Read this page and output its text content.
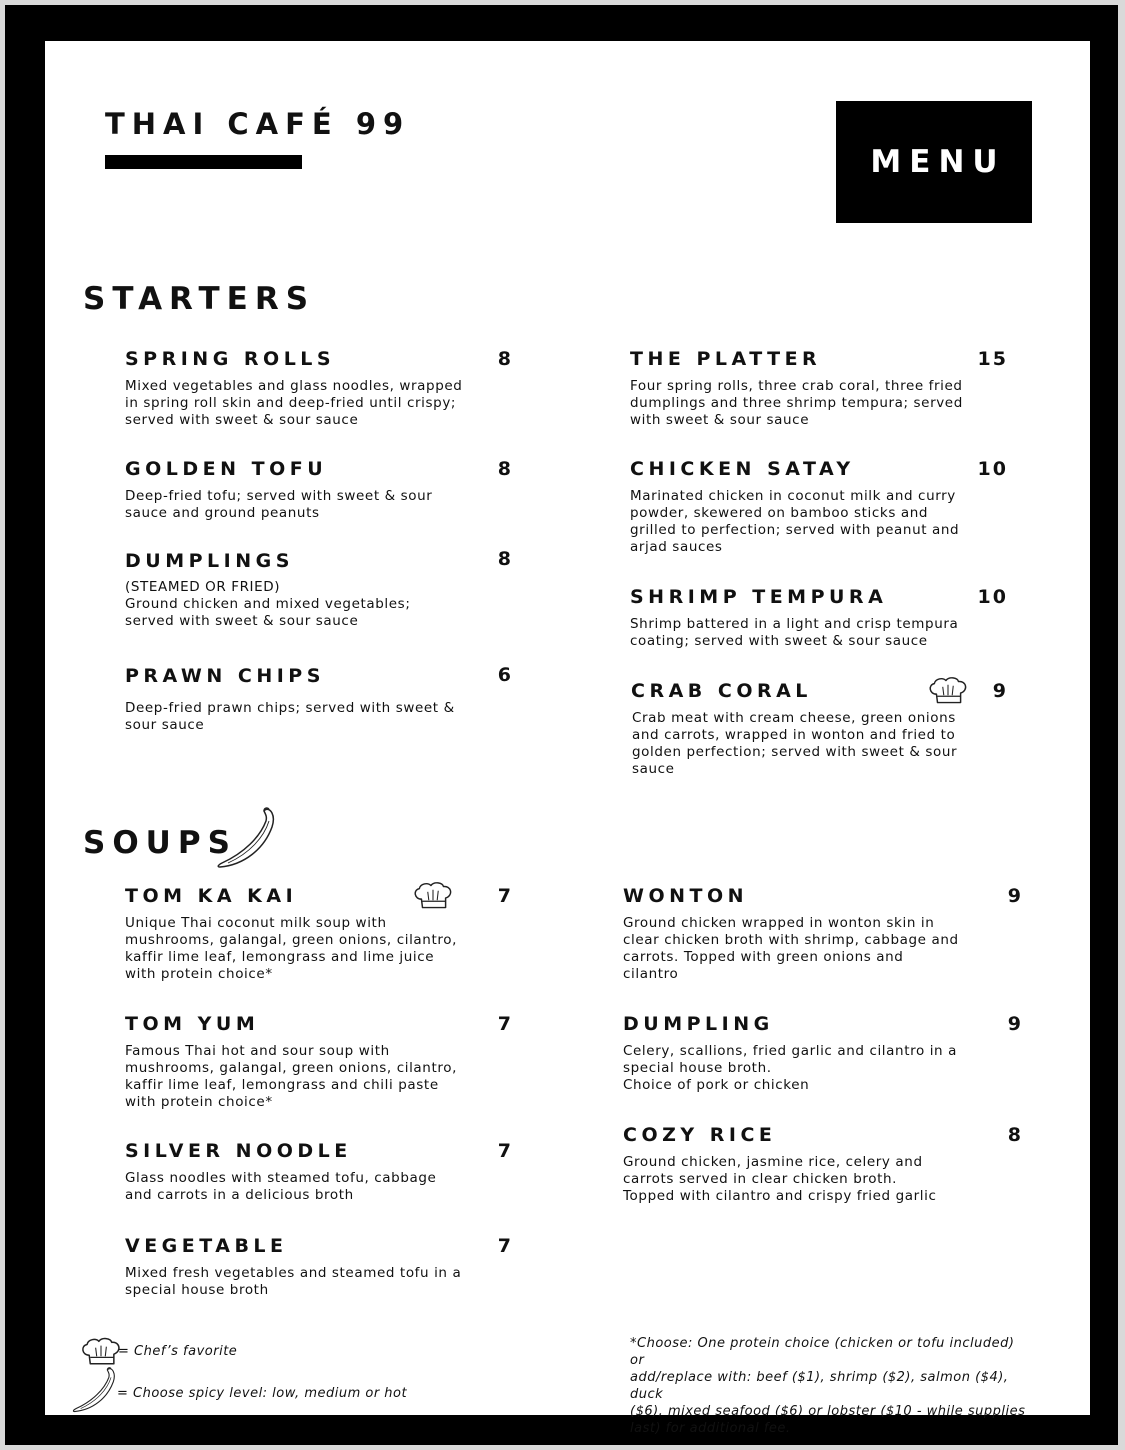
THAI CAFÉ 99
MENU
STARTERS
SPRING ROLLS	8
Mixed vegetables and glass noodles, wrapped
in spring roll skin and deep-fried until crispy;
served with sweet & sour sauce
GOLDEN TOFU	8
Deep-fried tofu; served with sweet & sour
sauce and ground peanuts
DUMPLINGS	8
(STEAMED OR FRIED)
Ground chicken and mixed vegetables;
served with sweet & sour sauce
PRAWN CHIPS	6
Deep-fried prawn chips; served with sweet &
sour sauce
THE PLATTER	15
Four spring rolls, three crab coral, three fried
dumplings and three shrimp tempura; served
with sweet & sour sauce
CHICKEN SATAY	10
Marinated chicken in coconut milk and curry
powder, skewered on bamboo sticks and
grilled to perfection; served with peanut and
arjad sauces
SHRIMP TEMPURA	10
Shrimp battered in a light and crisp tempura
coating; served with sweet & sour sauce
CRAB CORAL	9
Crab meat with cream cheese, green onions
and carrots, wrapped in wonton and fried to
golden perfection; served with sweet & sour
sauce
SOUPS
TOM KA KAI	7
Unique Thai coconut milk soup with
mushrooms, galangal, green onions, cilantro,
kaffir lime leaf, lemongrass and lime juice
with protein choice*
TOM YUM	7
Famous Thai hot and sour soup with
mushrooms, galangal, green onions, cilantro,
kaffir lime leaf, lemongrass and chili paste
with protein choice*
SILVER NOODLE	7
Glass noodles with steamed tofu, cabbage
and carrots in a delicious broth
VEGETABLE	7
Mixed fresh vegetables and steamed tofu in a
special house broth
WONTON	9
Ground chicken wrapped in wonton skin in
clear chicken broth with shrimp, cabbage and
carrots. Topped with green onions and
cilantro
DUMPLING	9
Celery, scallions, fried garlic and cilantro in a
special house broth.
Choice of pork or chicken
COZY RICE	8
Ground chicken, jasmine rice, celery and
carrots served in clear chicken broth.
Topped with cilantro and crispy fried garlic
= Chef’s favorite
= Choose spicy level: low, medium or hot
*Choose: One protein choice (chicken or tofu included) or
add/replace with: beef ($1), shrimp ($2), salmon ($4), duck
($6), mixed seafood ($6) or lobster ($10 - while supplies
last) for additional fee.
